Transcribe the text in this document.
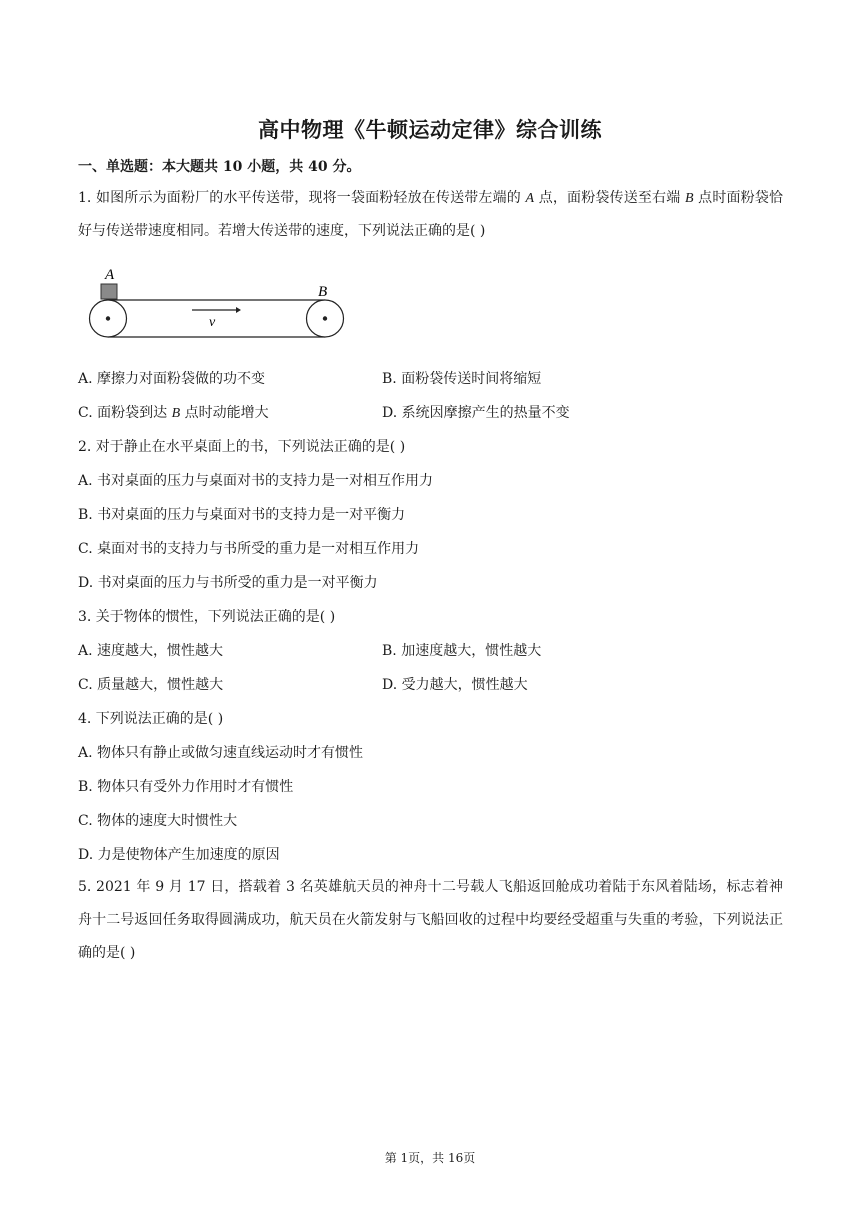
高中物理《牛顿运动定律》综合训练
一、单选题：本大题共 10 小题，共 40 分。
1. 如图所示为面粉厂的水平传送带，现将一袋面粉轻放在传送带左端的 A 点，面粉袋传送至右端 B 点时面粉袋恰好与传送带速度相同。若增大传送带的速度，下列说法正确的是( )
A
B
v
A. 摩擦力对面粉袋做的功不变	B. 面粉袋传送时间将缩短
C. 面粉袋到达 B 点时动能增大	D. 系统因摩擦产生的热量不变
2. 对于静止在水平桌面上的书，下列说法正确的是( )
A. 书对桌面的压力与桌面对书的支持力是一对相互作用力
B. 书对桌面的压力与桌面对书的支持力是一对平衡力
C. 桌面对书的支持力与书所受的重力是一对相互作用力
D. 书对桌面的压力与书所受的重力是一对平衡力
3. 关于物体的惯性，下列说法正确的是( )
A. 速度越大，惯性越大	B. 加速度越大，惯性越大
C. 质量越大，惯性越大	D. 受力越大，惯性越大
4. 下列说法正确的是( )
A. 物体只有静止或做匀速直线运动时才有惯性
B. 物体只有受外力作用时才有惯性
C. 物体的速度大时惯性大
D. 力是使物体产生加速度的原因
5. 2021 年 9 月 17 日，搭载着 3 名英雄航天员的神舟十二号载人飞船返回舱成功着陆于东风着陆场，标志着神舟十二号返回任务取得圆满成功，航天员在火箭发射与飞船回收的过程中均要经受超重与失重的考验，下列说法正确的是( )
第 1页，共 16页
